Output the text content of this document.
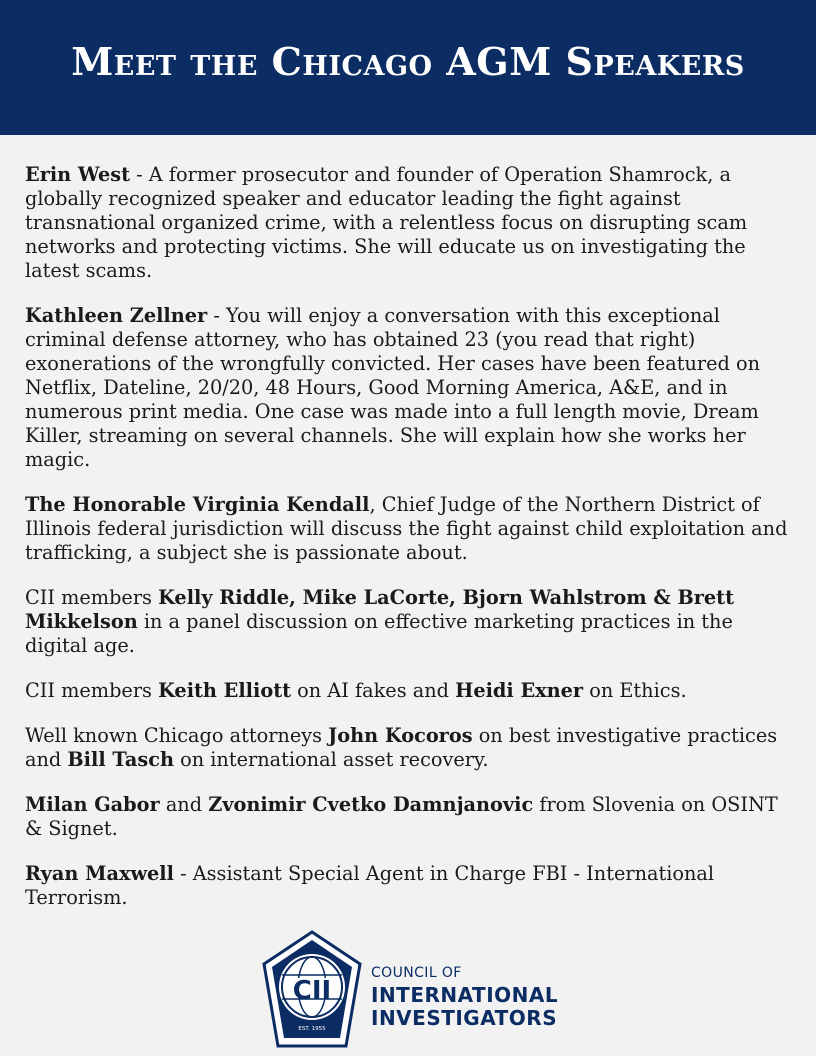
Meet the Chicago AGM Speakers

Erin West - A former prosecutor and founder of Operation Shamrock, a globally recognized speaker and educator leading the fight against transnational organized crime, with a relentless focus on disrupting scam networks and protecting victims. She will educate us on investigating the latest scams.

Kathleen Zellner - You will enjoy a conversation with this exceptional criminal defense attorney, who has obtained 23 (you read that right) exonerations of the wrongfully convicted. Her cases have been featured on Netflix, Dateline, 20/20, 48 Hours, Good Morning America, A&E, and in numerous print media. One case was made into a full length movie, Dream Killer, streaming on several channels. She will explain how she works her magic.

The Honorable Virginia Kendall, Chief Judge of the Northern District of Illinois federal jurisdiction will discuss the fight against child exploitation and trafficking, a subject she is passionate about.

CII members Kelly Riddle, Mike LaCorte, Bjorn Wahlstrom & Brett Mikkelson in a panel discussion on effective marketing practices in the digital age.

CII members Keith Elliott on AI fakes and Heidi Exner on Ethics.

Well known Chicago attorneys John Kocoros on best investigative practices and Bill Tasch on international asset recovery.

Milan Gabor and Zvonimir Cvetko Damnjanovic from Slovenia on OSINT & Signet.

Ryan Maxwell - Assistant Special Agent in Charge FBI - International Terrorism.

CII
EST. 1955
COUNCIL OF
INTERNATIONAL
INVESTIGATORS
